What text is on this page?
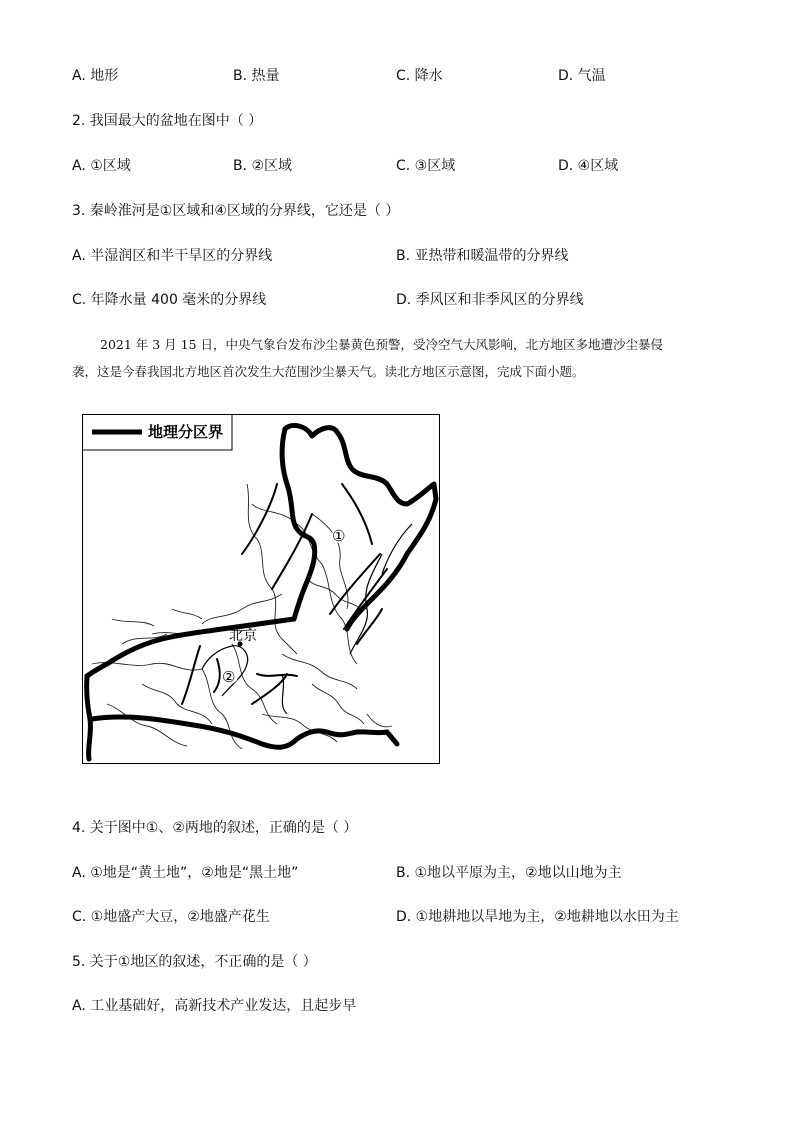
A. 地形	B. 热量	C. 降水	D. 气温
2. 我国最大的盆地在图中（ ）
A. ①区域	B. ②区域	C. ③区域	D. ④区域
3. 秦岭淮河是①区域和④区域的分界线，它还是（ ）
A. 半湿润区和半干旱区的分界线	B. 亚热带和暖温带的分界线
C. 年降水量 400 毫米的分界线	D. 季风区和非季风区的分界线
2021 年 3 月 15 日，中央气象台发布沙尘暴黄色预警，受冷空气大风影响，北方地区多地遭沙尘暴侵
袭，这是今春我国北方地区首次发生大范围沙尘暴天气。读北方地区示意图，完成下面小题。
地理分区界
北京
①
②
4. 关于图中①、②两地的叙述，正确的是（ ）
A. ①地是“黄土地”，②地是“黑土地”	B. ①地以平原为主，②地以山地为主
C. ①地盛产大豆，②地盛产花生	D. ①地耕地以旱地为主，②地耕地以水田为主
5. 关于①地区的叙述，不正确的是（ ）
A. 工业基础好，高新技术产业发达，且起步早
